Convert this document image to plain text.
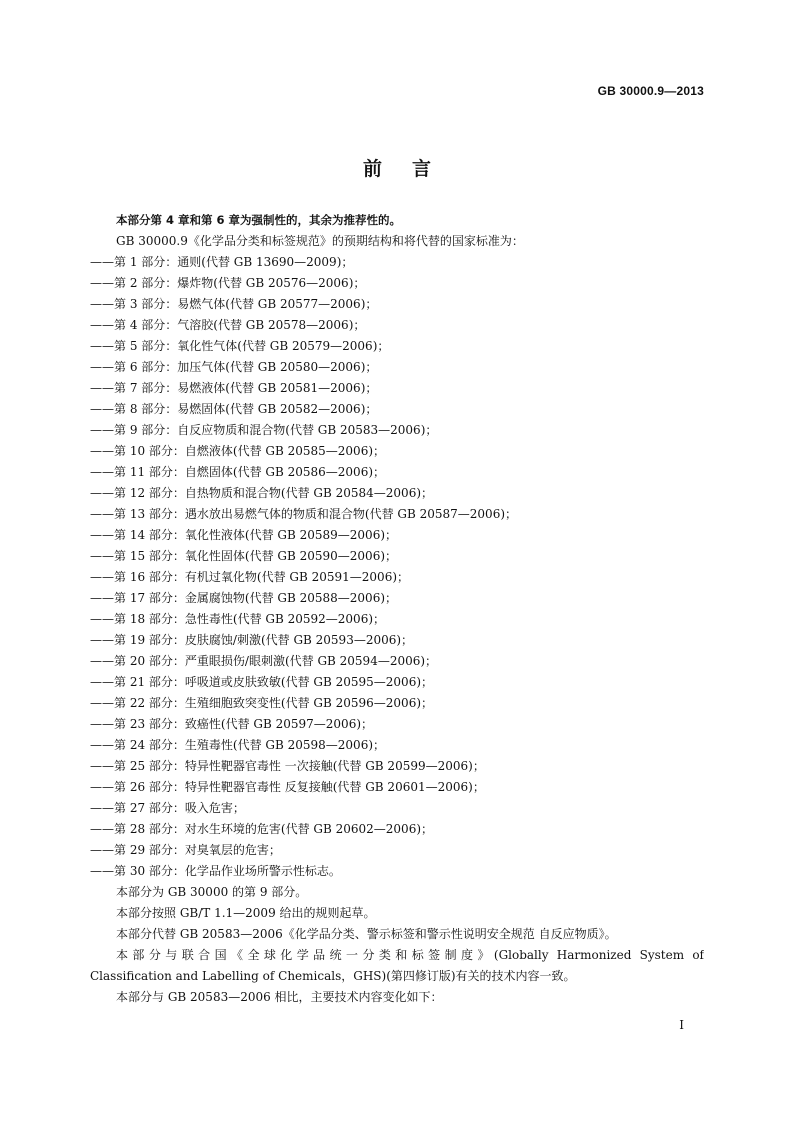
GB 30000.9—2013
前言
本部分第 4 章和第 6 章为强制性的，其余为推荐性的。
GB 30000.9《化学品分类和标签规范》的预期结构和将代替的国家标准为：
——第 1 部分：通则(代替 GB 13690—2009)；
——第 2 部分：爆炸物(代替 GB 20576—2006)；
——第 3 部分：易燃气体(代替 GB 20577—2006)；
——第 4 部分：气溶胶(代替 GB 20578—2006)；
——第 5 部分：氧化性气体(代替 GB 20579—2006)；
——第 6 部分：加压气体(代替 GB 20580—2006)；
——第 7 部分：易燃液体(代替 GB 20581—2006)；
——第 8 部分：易燃固体(代替 GB 20582—2006)；
——第 9 部分：自反应物质和混合物(代替 GB 20583—2006)；
——第 10 部分：自燃液体(代替 GB 20585—2006)；
——第 11 部分：自燃固体(代替 GB 20586—2006)；
——第 12 部分：自热物质和混合物(代替 GB 20584—2006)；
——第 13 部分：遇水放出易燃气体的物质和混合物(代替 GB 20587—2006)；
——第 14 部分：氧化性液体(代替 GB 20589—2006)；
——第 15 部分：氧化性固体(代替 GB 20590—2006)；
——第 16 部分：有机过氧化物(代替 GB 20591—2006)；
——第 17 部分：金属腐蚀物(代替 GB 20588—2006)；
——第 18 部分：急性毒性(代替 GB 20592—2006)；
——第 19 部分：皮肤腐蚀/刺激(代替 GB 20593—2006)；
——第 20 部分：严重眼损伤/眼刺激(代替 GB 20594—2006)；
——第 21 部分：呼吸道或皮肤致敏(代替 GB 20595—2006)；
——第 22 部分：生殖细胞致突变性(代替 GB 20596—2006)；
——第 23 部分：致癌性(代替 GB 20597—2006)；
——第 24 部分：生殖毒性(代替 GB 20598—2006)；
——第 25 部分：特异性靶器官毒性 一次接触(代替 GB 20599—2006)；
——第 26 部分：特异性靶器官毒性 反复接触(代替 GB 20601—2006)；
——第 27 部分：吸入危害；
——第 28 部分：对水生环境的危害(代替 GB 20602—2006)；
——第 29 部分：对臭氧层的危害；
——第 30 部分：化学品作业场所警示性标志。
本部分为 GB 30000 的第 9 部分。
本部分按照 GB/T 1.1—2009 给出的规则起草。
本部分代替 GB 20583—2006《化学品分类、警示标签和警示性说明安全规范 自反应物质》。
本部分与联合国《全球化学品统一分类和标签制度》(Globally Harmonized System of
Classification and Labelling of Chemicals，GHS)(第四修订版)有关的技术内容一致。
本部分与 GB 20583—2006 相比，主要技术内容变化如下：
I
